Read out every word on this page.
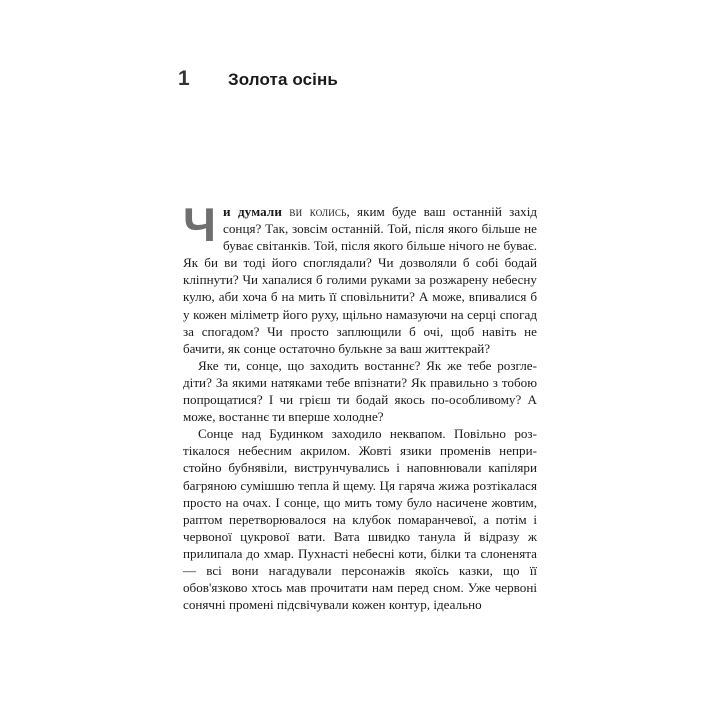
1	Золота осінь

Чи думали ви колись, яким буде ваш останній захід сонця? Так, зовсім останній. Той, після якого більше не буває світанків. Той, після якого більше нічого не буває. Як би ви тоді його споглядали? Чи дозволяли б собі бодай кліпнути? Чи хапалися б голими руками за розжарену небесну кулю, аби хоча б на мить її сповільнити? А може, впивалися б у кожен міліметр його руху, щільно намазуючи на серці спогад за спогадом? Чи просто заплющили б очі, щоб навіть не бачити, як сонце остаточно булькне за ваш життекрай?

Яке ти, сонце, що заходить востаннє? Як же тебе розгледіти? За якими натяками тебе впізнати? Як правильно з тобою попрощатися? І чи грієш ти бодай якось по-особливому? А може, востаннє ти вперше холодне?

Сонце над Будинком заходило неквапом. Повільно розтікалося небесним акрилом. Жовті язики променів непристойно бубнявіли, виструнчувались і наповнювали капіляри багряною сумішшю тепла й щему. Ця гаряча жижа розтікалася просто на очах. І сонце, що мить тому було насичене жовтим, раптом перетворювалося на клубок помаранчевої, а потім і червоної цукрової вати. Вата швидко танула й відразу ж прилипала до хмар. Пухнасті небесні коти, білки та слоненята — всі вони нагадували персонажів якоїсь казки, що її обов'язково хтось мав прочитати нам перед сном. Уже червоні сонячні промені підсвічували кожен контур, ідеально
